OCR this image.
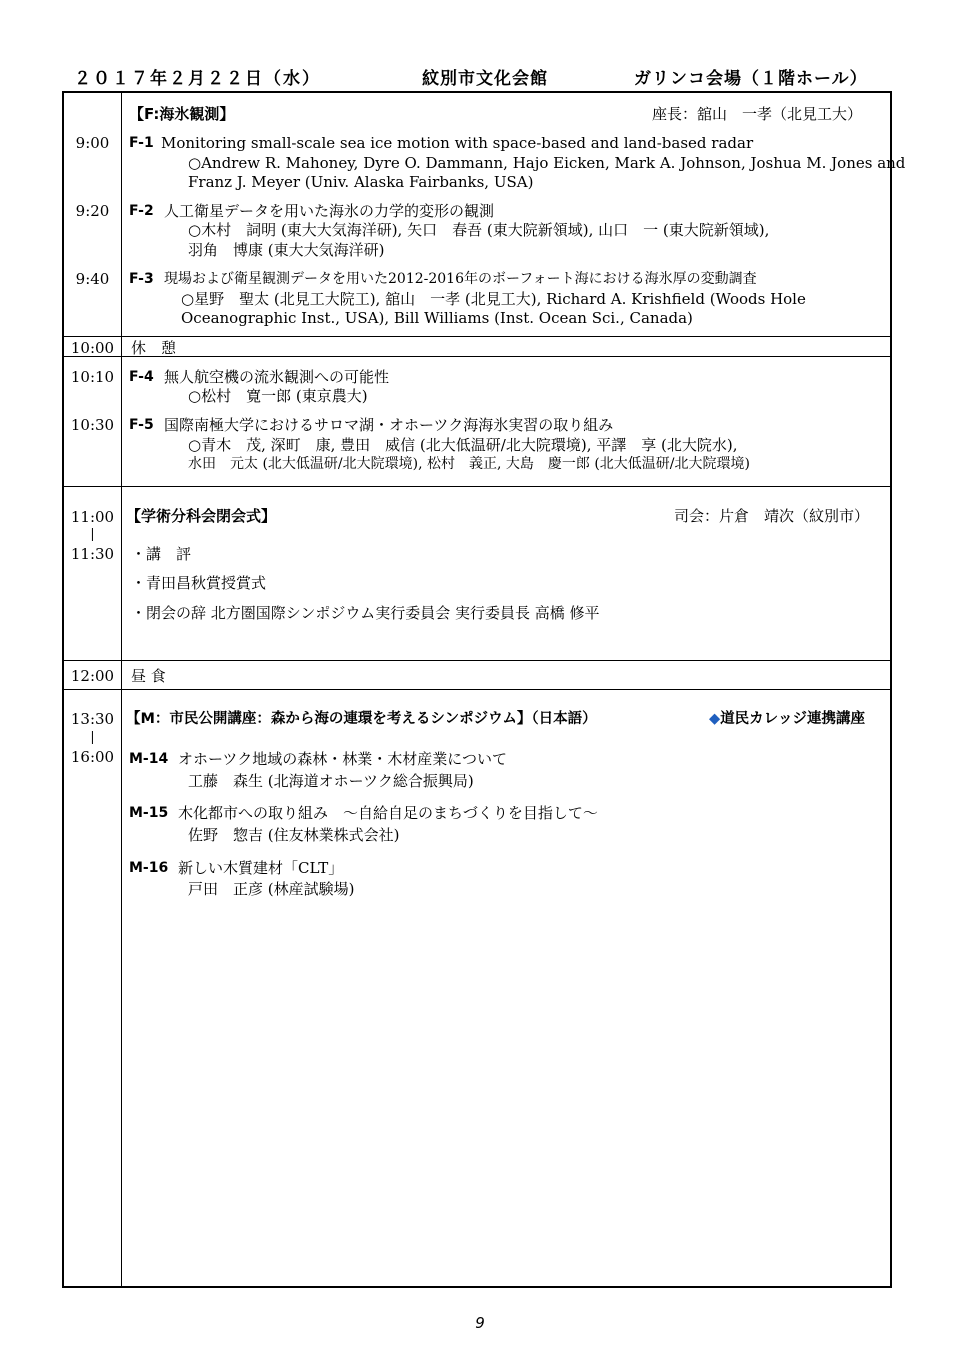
２０１７年２月２２日（水）	紋別市文化会館	ガリンコ会場（１階ホール）
【F:海氷観測】	座長：舘山　一孝（北見工大）
9:00	F-1 Monitoring small-scale sea ice motion with space-based and land-based radar
○Andrew R. Mahoney, Dyre O. Dammann, Hajo Eicken, Mark A. Johnson, Joshua M. Jones and
Franz J. Meyer (Univ. Alaska Fairbanks, USA)
9:20	F-2 人工衛星データを用いた海氷の力学的変形の観測
○木村　詞明 (東大大気海洋研), 矢口　春吾 (東大院新領域), 山口　一 (東大院新領域),
羽角　博康 (東大大気海洋研)
9:40	F-3 現場および衛星観測データを用いた2012-2016年のボーフォート海における海氷厚の変動調査
○星野　聖太 (北見工大院工), 舘山　一孝 (北見工大), Richard A. Krishfield (Woods Hole
Oceanographic Inst., USA), Bill Williams (Inst. Ocean Sci., Canada)
10:00	休　憩
10:10	F-4 無人航空機の流氷観測への可能性
○松村　寛一郎 (東京農大)
10:30	F-5 国際南極大学におけるサロマ湖・オホーツク海海氷実習の取り組み
○青木　茂, 深町　康, 豊田　威信 (北大低温研/北大院環境), 平譯　享 (北大院水),
水田　元太 (北大低温研/北大院環境), 松村　義正, 大島　慶一郎 (北大低温研/北大院環境)
11:00
|
11:30
【学術分科会閉会式】	司会：片倉　靖次（紋別市）
・講　評
・青田昌秋賞授賞式
・閉会の辞 北方圏国際シンポジウム実行委員会 実行委員長 高橋 修平
12:00	昼 食
13:30
|
16:00
【M：市民公開講座：森から海の連環を考えるシンポジウム】（日本語）	◆道民カレッジ連携講座
M-14 オホーツク地域の森林・林業・木材産業について
工藤　森生 (北海道オホーツク総合振興局)
M-15 木化都市への取り組み　〜自給自足のまちづくりを目指して〜
佐野　惣吉 (住友林業株式会社)
M-16 新しい木質建材「CLT」
戸田　正彦 (林産試験場)
9
